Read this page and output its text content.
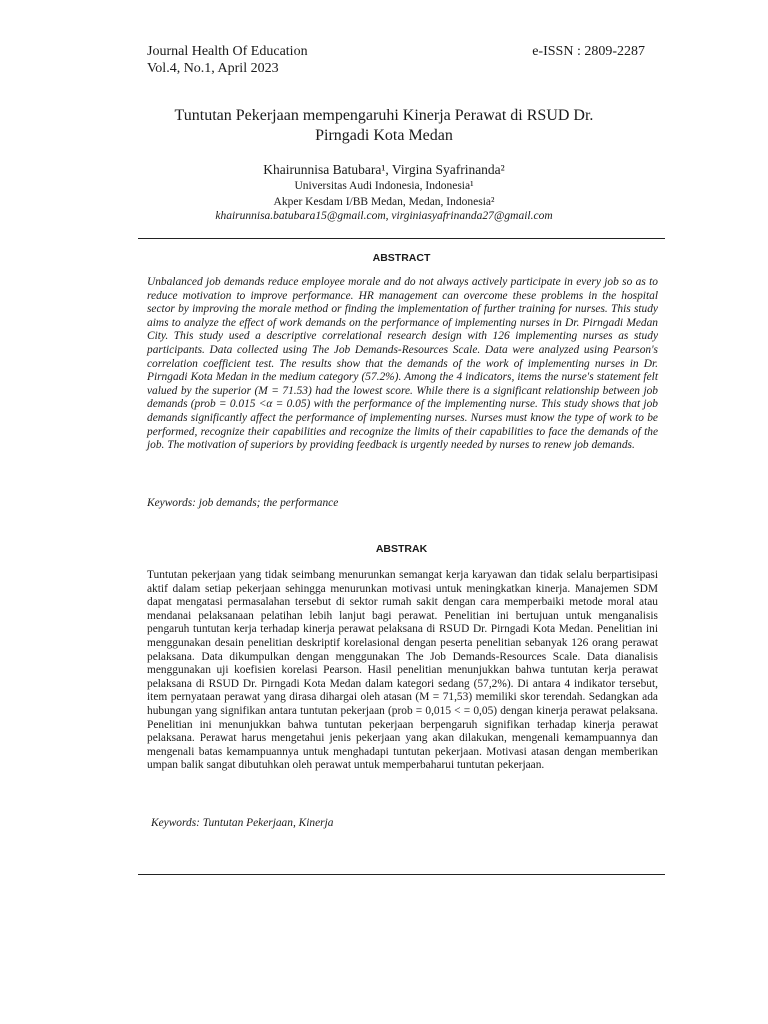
Journal Health Of Education
Vol.4, No.1, April 2023
e-ISSN : 2809-2287
Tuntutan Pekerjaan mempengaruhi Kinerja Perawat di RSUD Dr.
Pirngadi Kota Medan
Khairunnisa Batubara¹, Virgina Syafrinanda²
Universitas Audi Indonesia, Indonesia¹
Akper Kesdam I/BB Medan, Medan, Indonesia²
khairunnisa.batubara15@gmail.com, virginiasyafrinanda27@gmail.com
ABSTRACT
Unbalanced job demands reduce employee morale and do not always actively participate in every job so as to reduce motivation to improve performance. HR management can overcome these problems in the hospital sector by improving the morale method or finding the implementation of further training for nurses. This study aims to analyze the effect of work demands on the performance of implementing nurses in Dr. Pirngadi Medan City. This study used a descriptive correlational research design with 126 implementing nurses as study participants. Data collected using The Job Demands-Resources Scale. Data were analyzed using Pearson's correlation coefficient test. The results show that the demands of the work of implementing nurses in Dr. Pirngadi Kota Medan in the medium category (57.2%). Among the 4 indicators, items the nurse's statement felt valued by the superior (M = 71.53) had the lowest score. While there is a significant relationship between job demands (prob = 0.015 <α = 0.05) with the performance of the implementing nurse. This study shows that job demands significantly affect the performance of implementing nurses. Nurses must know the type of work to be performed, recognize their capabilities and recognize the limits of their capabilities to face the demands of the job. The motivation of superiors by providing feedback is urgently needed by nurses to renew job demands.
Keywords: job demands; the performance
ABSTRAK
Tuntutan pekerjaan yang tidak seimbang menurunkan semangat kerja karyawan dan tidak selalu berpartisipasi aktif dalam setiap pekerjaan sehingga menurunkan motivasi untuk meningkatkan kinerja. Manajemen SDM dapat mengatasi permasalahan tersebut di sektor rumah sakit dengan cara memperbaiki metode moral atau mendanai pelaksanaan pelatihan lebih lanjut bagi perawat. Penelitian ini bertujuan untuk menganalisis pengaruh tuntutan kerja terhadap kinerja perawat pelaksana di RSUD Dr. Pirngadi Kota Medan. Penelitian ini menggunakan desain penelitian deskriptif korelasional dengan peserta penelitian sebanyak 126 orang perawat pelaksana. Data dikumpulkan dengan menggunakan The Job Demands-Resources Scale. Data dianalisis menggunakan uji koefisien korelasi Pearson. Hasil penelitian menunjukkan bahwa tuntutan kerja perawat pelaksana di RSUD Dr. Pirngadi Kota Medan dalam kategori sedang (57,2%). Di antara 4 indikator tersebut, item pernyataan perawat yang dirasa dihargai oleh atasan (M = 71,53) memiliki skor terendah. Sedangkan ada hubungan yang signifikan antara tuntutan pekerjaan (prob = 0,015 < = 0,05) dengan kinerja perawat pelaksana. Penelitian ini menunjukkan bahwa tuntutan pekerjaan berpengaruh signifikan terhadap kinerja perawat pelaksana. Perawat harus mengetahui jenis pekerjaan yang akan dilakukan, mengenali kemampuannya dan mengenali batas kemampuannya untuk menghadapi tuntutan pekerjaan. Motivasi atasan dengan memberikan umpan balik sangat dibutuhkan oleh perawat untuk memperbaharui tuntutan pekerjaan.
Keywords: Tuntutan Pekerjaan, Kinerja
